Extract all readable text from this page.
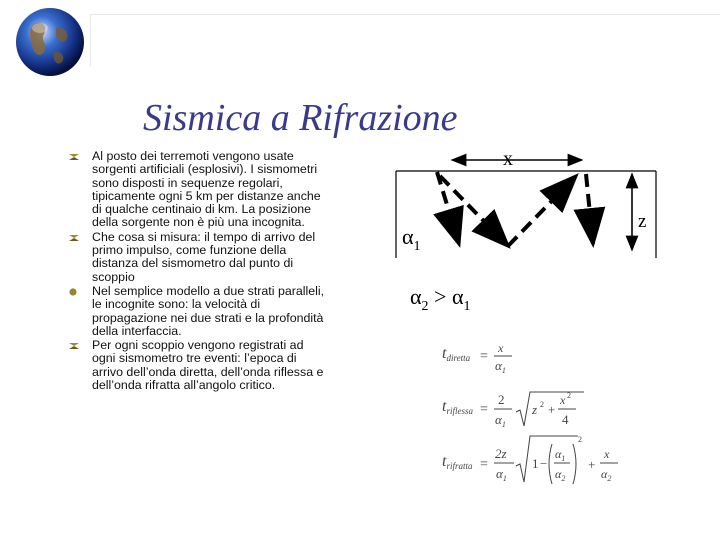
Sismica a Rifrazione
Al posto dei terremoti vengono usate sorgenti artificiali (esplosivi). I sismometri sono disposti in sequenze regolari, tipicamente ogni 5 km per distanze anche di qualche centinaio di km. La posizione della sorgente non è più una incognita.
Che cosa si misura: il tempo di arrivo del primo impulso, come funzione della distanza del sismometro dal punto di scoppio
Nel semplice modello a due strati paralleli, le incognite sono: la velocità di propagazione nei due strati e la profondità della interfaccia.
Per ogni scoppio vengono registrati ad ogni sismometro tre eventi: l’epoca di arrivo dell’onda diretta, dell’onda riflessa e dell’onda rifratta all’angolo critico.
x
z
$\alpha_1$
$\alpha_2 > \alpha_1$
tdiretta =
x
$\alpha_1$
triflessa =
2
$\alpha_1$
z 2 +
x 2
4
trifratta =
2z
$\alpha_1$
1 −
$\alpha_1$
$\alpha_2$
2
+
x
$\alpha_2$
